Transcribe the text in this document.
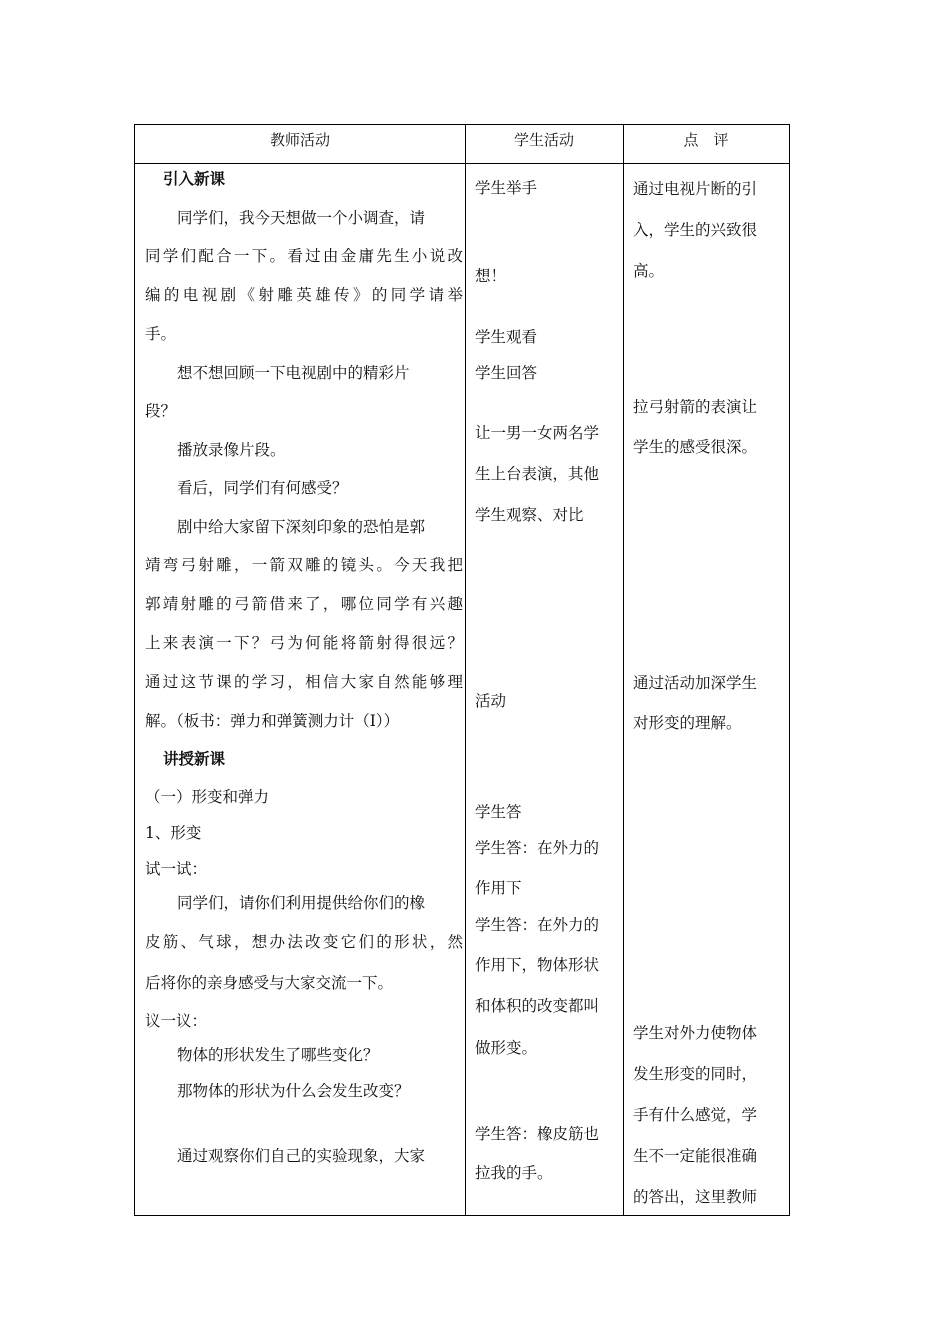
教师活动	学生活动	点　评
引入新课
同学们，我今天想做一个小调查，请
同学们配合一下。看过由金庸先生小说改
编的电视剧《射雕英雄传》的同学请举
手。
想不想回顾一下电视剧中的精彩片
段？
播放录像片段。
看后，同学们有何感受？
剧中给大家留下深刻印象的恐怕是郭
靖弯弓射雕，一箭双雕的镜头。今天我把
郭靖射雕的弓箭借来了，哪位同学有兴趣
上来表演一下？弓为何能将箭射得很远？
通过这节课的学习，相信大家自然能够理
解。（板书：弹力和弹簧测力计（I））
讲授新课
（一）形变和弹力
1、形变
试一试：
同学们，请你们利用提供给你们的橡
皮筋、气球，想办法改变它们的形状，然
后将你的亲身感受与大家交流一下。
议一议：
物体的形状发生了哪些变化？
那物体的形状为什么会发生改变？
通过观察你们自己的实验现象，大家
学生举手
想！
学生观看
学生回答
让一男一女两名学
生上台表演，其他
学生观察、对比
活动
学生答
学生答：在外力的
作用下
学生答：在外力的
作用下，物体形状
和体积的改变都叫
做形变。
学生答：橡皮筋也
拉我的手。
通过电视片断的引
入，学生的兴致很
高。
拉弓射箭的表演让
学生的感受很深。
通过活动加深学生
对形变的理解。
学生对外力使物体
发生形变的同时，
手有什么感觉，学
生不一定能很准确
的答出，这里教师
